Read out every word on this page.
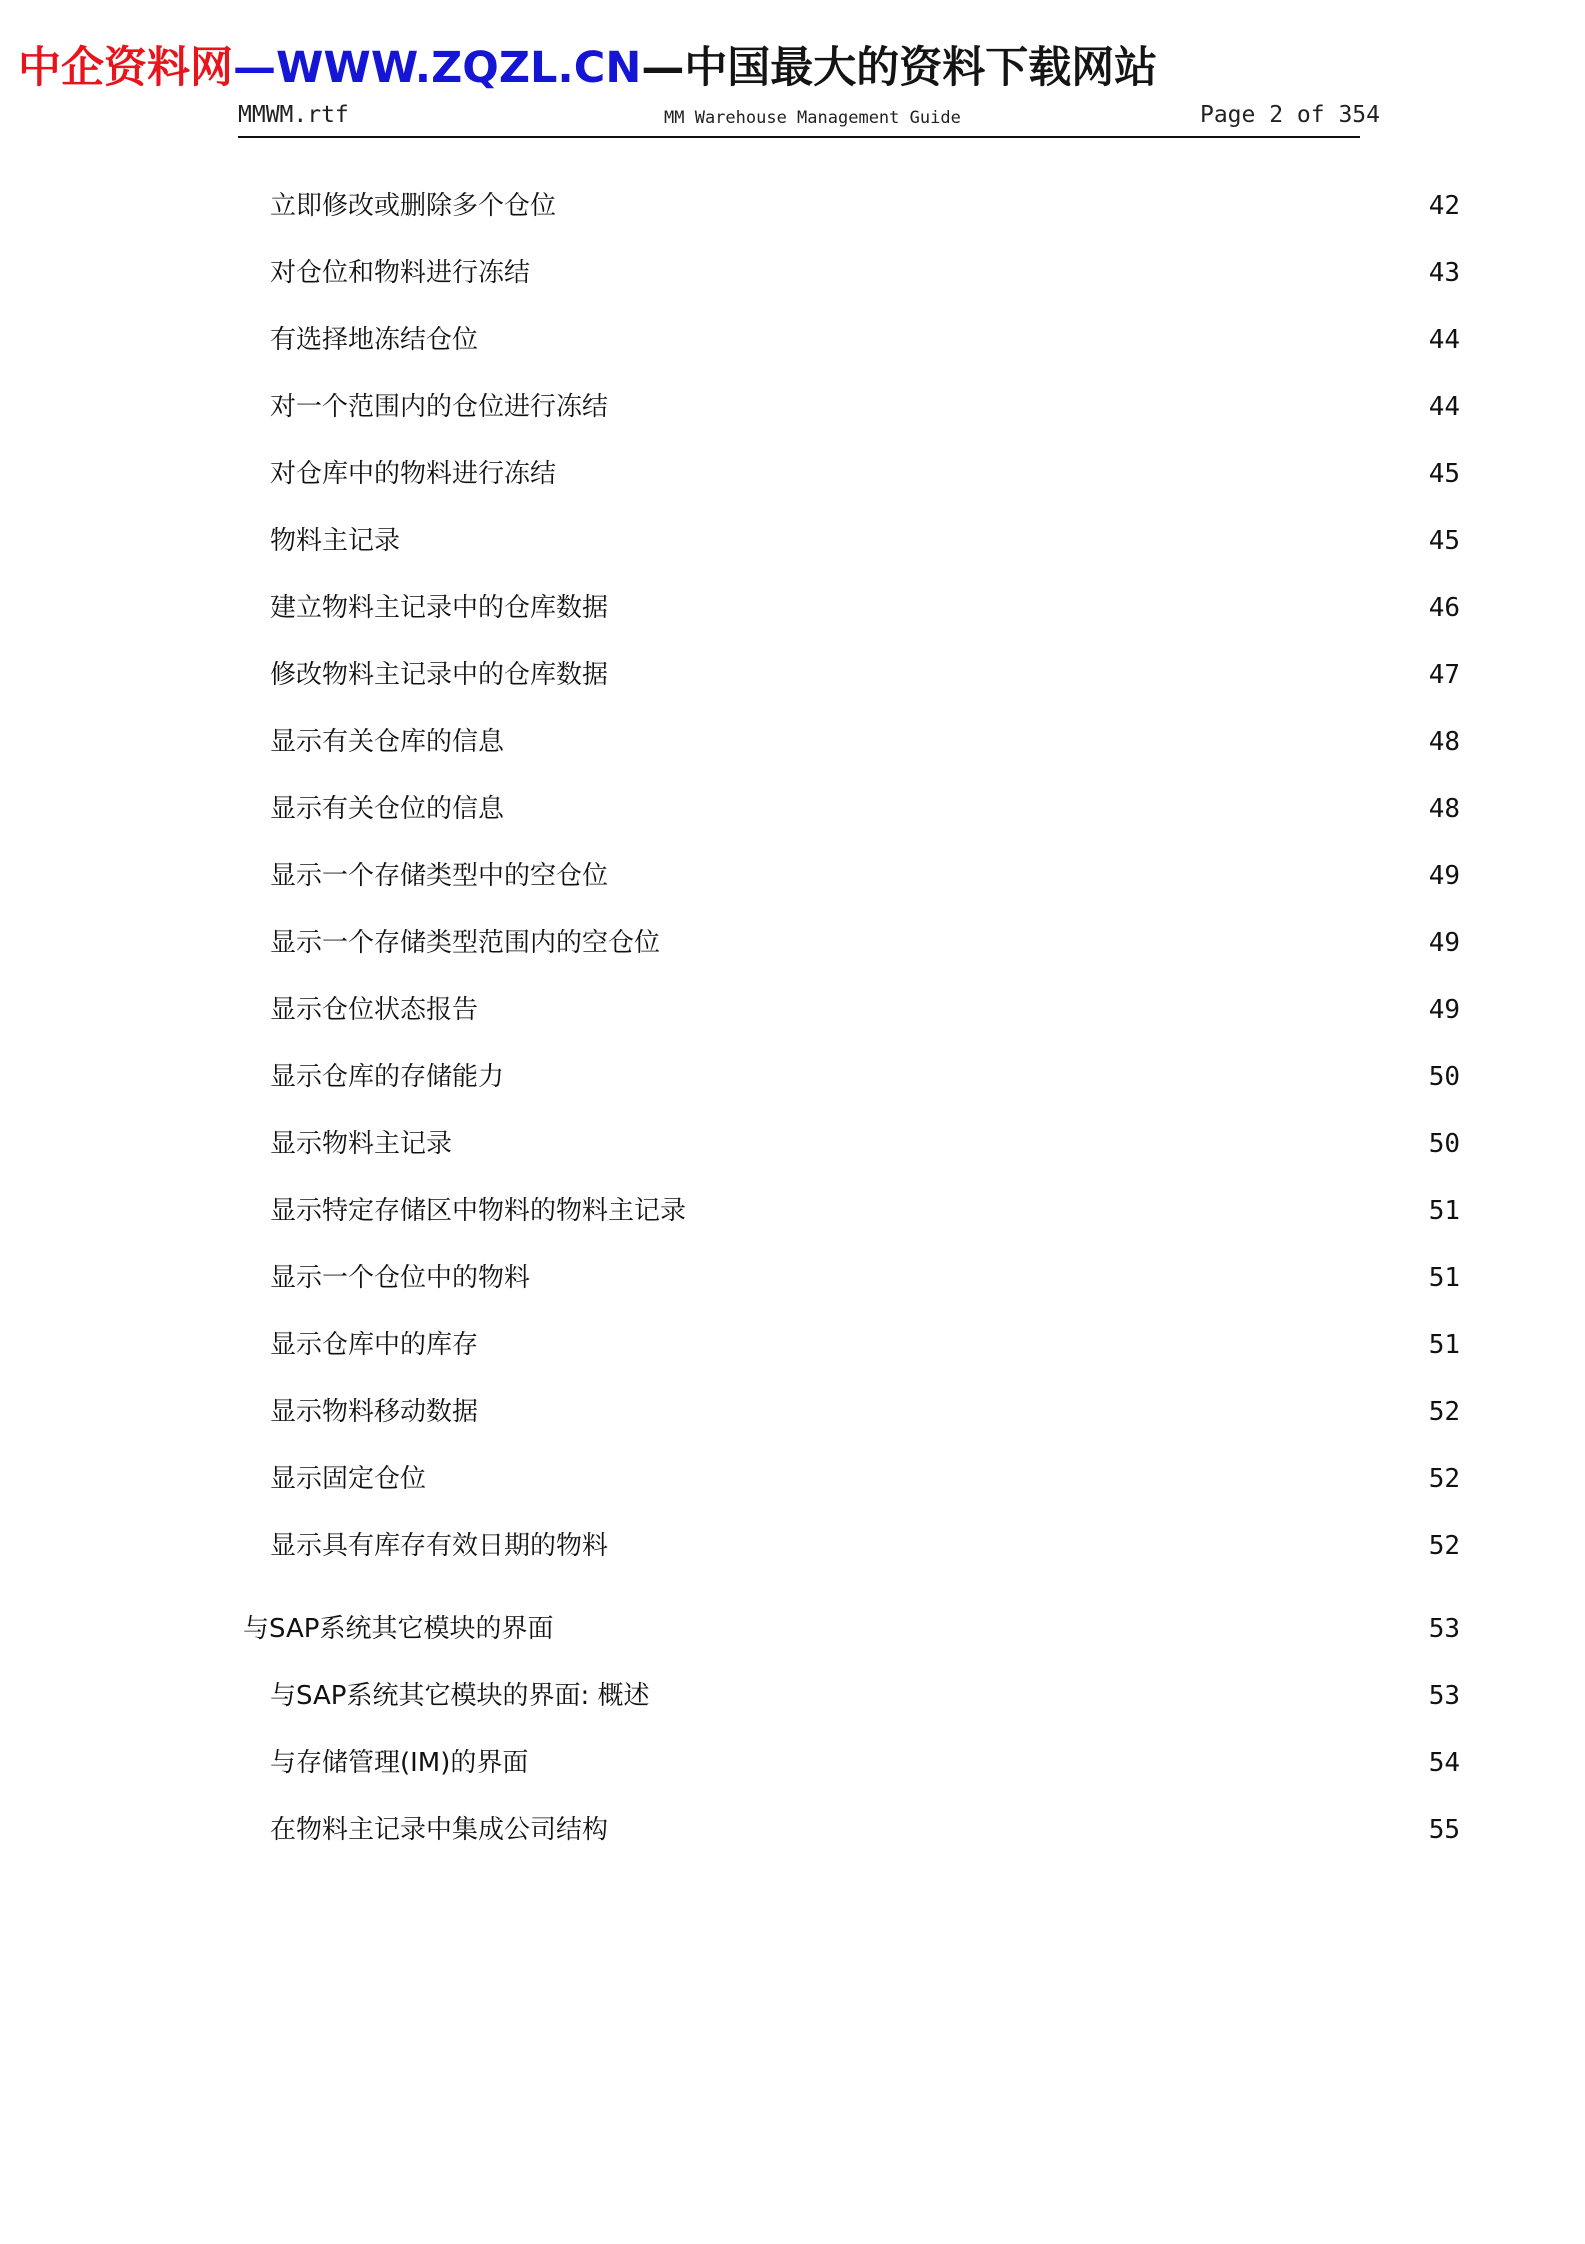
中企资料网—WWW.ZQZL.CN—中国最大的资料下载网站
MMWM.rtf	MM Warehouse Management Guide	Page 2 of 354
立即修改或删除多个仓位	42
对仓位和物料进行冻结	43
有选择地冻结仓位	44
对一个范围内的仓位进行冻结	44
对仓库中的物料进行冻结	45
物料主记录	45
建立物料主记录中的仓库数据	46
修改物料主记录中的仓库数据	47
显示有关仓库的信息	48
显示有关仓位的信息	48
显示一个存储类型中的空仓位	49
显示一个存储类型范围内的空仓位	49
显示仓位状态报告	49
显示仓库的存储能力	50
显示物料主记录	50
显示特定存储区中物料的物料主记录	51
显示一个仓位中的物料	51
显示仓库中的库存	51
显示物料移动数据	52
显示固定仓位	52
显示具有库存有效日期的物料	52
与SAP系统其它模块的界面	53
与SAP系统其它模块的界面: 概述	53
与存储管理(IM)的界面	54
在物料主记录中集成公司结构	55
